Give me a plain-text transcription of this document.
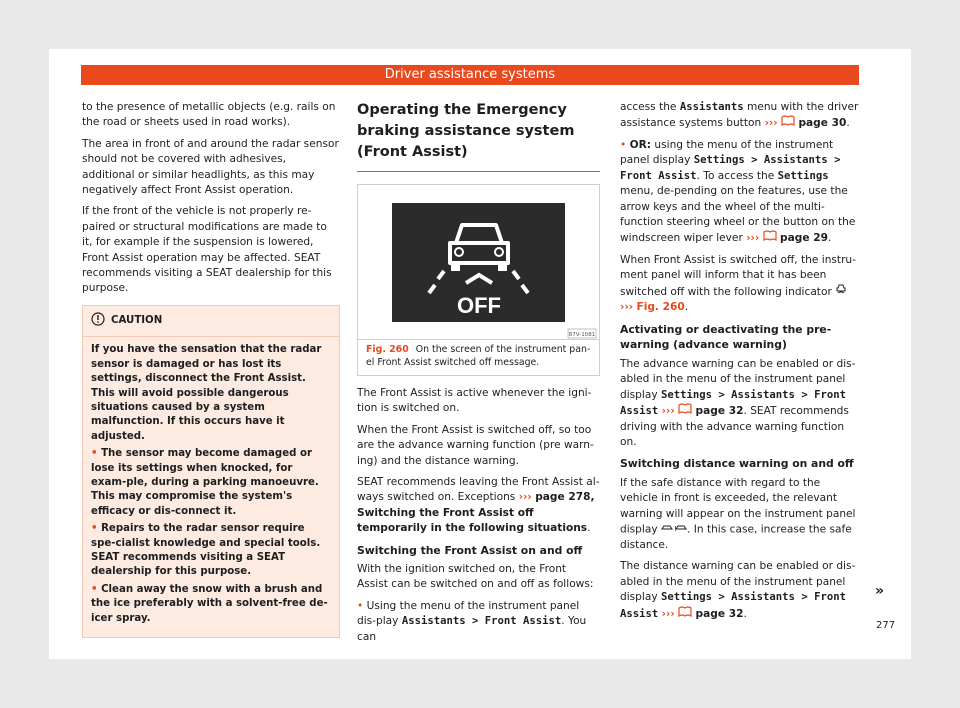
Driver assistance systems

to the presence of metallic objects (e.g. rails on the road or sheets used in road works).

The area in front of and around the radar sensor should not be covered with adhesives, additional or similar headlights, as this may negatively affect Front Assist operation.

If the front of the vehicle is not properly re-paired or structural modifications are made to it, for example if the suspension is lowered, Front Assist operation may be affected. SEAT recommends visiting a SEAT dealership for this purpose.

CAUTION

If you have the sensation that the radar sensor is damaged or has lost its settings, disconnect the Front Assist. This will avoid possible dangerous situations caused by a system malfunction. If this occurs have it adjusted.

• The sensor may become damaged or lose its settings when knocked, for exam-ple, during a parking manoeuvre. This may compromise the system's efficacy or dis-connect it.

• Repairs to the radar sensor require spe-cialist knowledge and special tools. SEAT recommends visiting a SEAT dealership for this purpose.

• Clean away the snow with a brush and the ice preferably with a solvent-free de-icer spray.

Operating the Emergency braking assistance system (Front Assist)
OFF
87V-1081
Fig. 260 On the screen of the instrument pan-el Front Assist switched off message.

The Front Assist is active whenever the igni-tion is switched on.

When the Front Assist is switched off, so too are the advance warning function (pre warn-ing) and the distance warning.

SEAT recommends leaving the Front Assist al-ways switched on. Exceptions ››› page 278, Switching the Front Assist off temporarily in the following situations.

Switching the Front Assist on and off

With the ignition switched on, the Front Assist can be switched on and off as follows:

• Using the menu of the instrument panel dis-play Assistants > Front Assist. You can

access the Assistants menu with the driver assistance systems button ››› page 30.

• OR: using the menu of the instrument panel display Settings > Assistants > Front Assist. To access the Settings menu, de-pending on the features, use the arrow keys and the wheel of the multi-function steering wheel or the button on the windscreen wiper lever ››› page 29.

When Front Assist is switched off, the instru-ment panel will inform that it has been switched off with the following indicator
››› Fig. 260.

Activating or deactivating the pre-warning (advance warning)

The advance warning can be enabled or dis-abled in the menu of the instrument panel display Settings > Assistants > Front Assist ››› page 32. SEAT recommends driving with the advance warning function on.

Switching distance warning on and off

If the safe distance with regard to the vehicle in front is exceeded, the relevant warning will appear on the instrument panel display ! . In this case, increase the safe distance.

The distance warning can be enabled or dis-abled in the menu of the instrument panel display Settings > Assistants > Front Assist ››› page 32.

»
277
